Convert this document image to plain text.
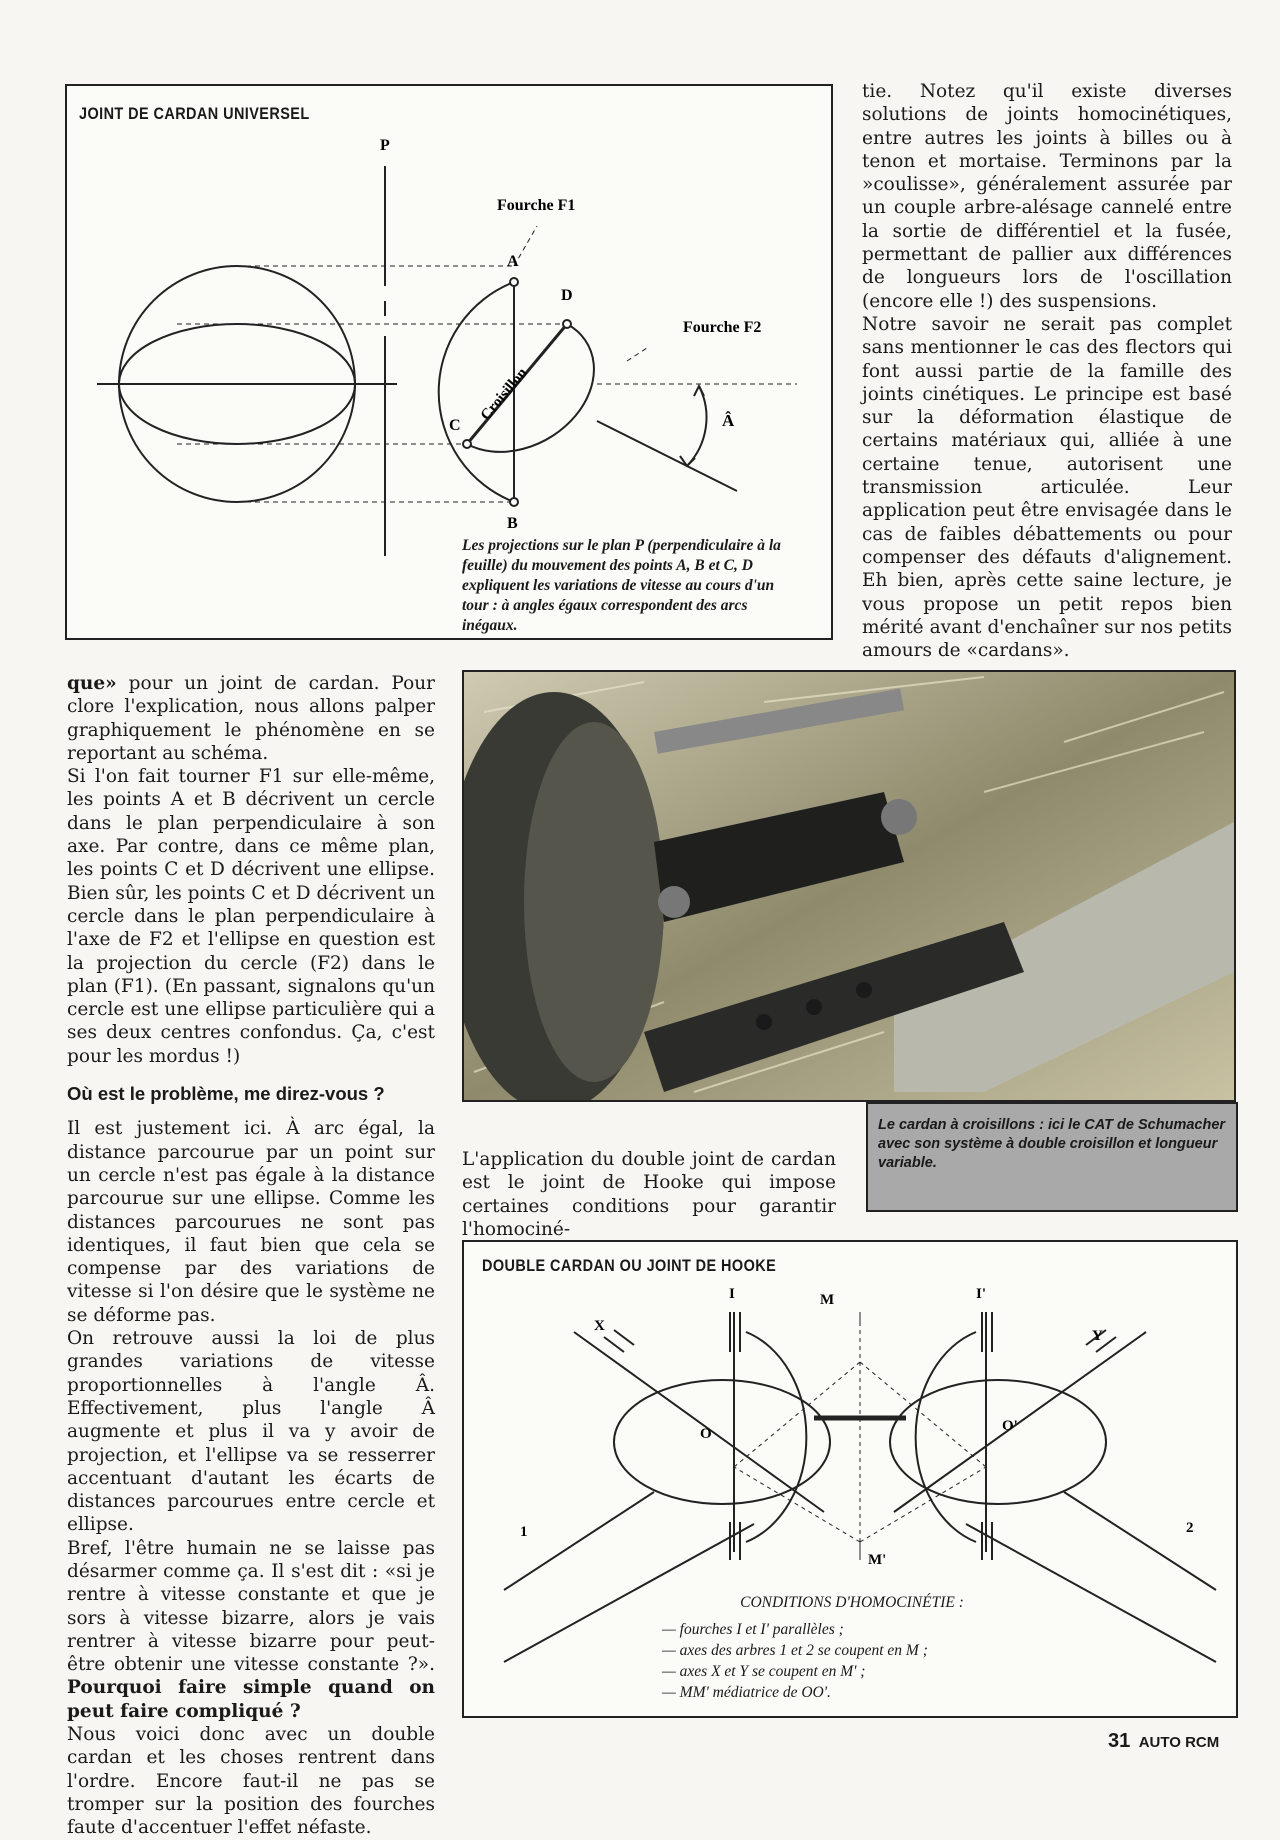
JOINT DE CARDAN UNIVERSEL
P
Fourche F1
Fourche F2
A
B
C
D
Croisillon	Â
Les projections sur le plan P (perpendiculaire à la feuille) du mouvement des points A, B et C, D expliquent les variations de vitesse au cours d'un tour : à angles égaux correspondent des arcs inégaux.

tie. Notez qu'il existe diverses solutions de joints homocinétiques, entre autres les joints à billes ou à tenon et mortaise. Terminons par la »coulisse», généralement assurée par un couple arbre-alésage cannelé entre la sortie de différentiel et la fusée, permettant de pallier aux différences de longueurs lors de l'oscillation (encore elle !) des suspensions.

Notre savoir ne serait pas complet sans mentionner le cas des flectors qui font aussi partie de la famille des joints cinétiques. Le principe est basé sur la déformation élastique de certains matériaux qui, alliée à une certaine tenue, autorisent une transmission articulée. Leur application peut être envisagée dans le cas de faibles débattements ou pour compenser des défauts d'alignement. Eh bien, après cette saine lecture, je vous propose un petit repos bien mérité avant d'enchaîner sur nos petits amours de «cardans».

que» pour un joint de cardan. Pour clore l'explication, nous allons palper graphiquement le phénomène en se reportant au schéma.

Si l'on fait tourner F1 sur elle-même, les points A et B décrivent un cercle dans le plan perpendiculaire à son axe. Par contre, dans ce même plan, les points C et D décrivent une ellipse. Bien sûr, les points C et D décrivent un cercle dans le plan perpendiculaire à l'axe de F2 et l'ellipse en question est la projection du cercle (F2) dans le plan (F1). (En passant, signalons qu'un cercle est une ellipse particulière qui a ses deux centres confondus. Ça, c'est pour les mordus !)

Où est le problème, me direz-vous ?

Il est justement ici. À arc égal, la distance parcourue par un point sur un cercle n'est pas égale à la distance parcourue sur une ellipse. Comme les distances parcourues ne sont pas identiques, il faut bien que cela se compense par des variations de vitesse si l'on désire que le système ne se déforme pas.

On retrouve aussi la loi de plus grandes variations de vitesse proportionnelles à l'angle Â. Effectivement, plus l'angle Â augmente et plus il va y avoir de projection, et l'ellipse va se resserrer accentuant d'autant les écarts de distances parcourues entre cercle et ellipse.

Bref, l'être humain ne se laisse pas désarmer comme ça. Il s'est dit : «si je rentre à vitesse constante et que je sors à vitesse bizarre, alors je vais rentrer à vitesse bizarre pour peut-être obtenir une vitesse constante ?». Pourquoi faire simple quand on peut faire compliqué ?

Nous voici donc avec un double cardan et les choses rentrent dans l'ordre. Encore faut-il ne pas se tromper sur la position des fourches faute d'accentuer l'effet néfaste.

L'application du double joint de cardan est le joint de Hooke qui impose certaines conditions pour garantir l'homociné-

Le cardan à croisillons : ici le CAT de Schumacher avec son système à double croisillon et longueur variable.
DOUBLE CARDAN OU JOINT DE HOOKE
I	I'
M
M'
X
Y
O	O'
1	2
CONDITIONS D'HOMOCINÉTIE :
— fourches I et I' parallèles ;
— axes des arbres 1 et 2 se coupent en M ;
— axes X et Y se coupent en M' ;
— MM' médiatrice de OO'.
31 AUTO RCM
